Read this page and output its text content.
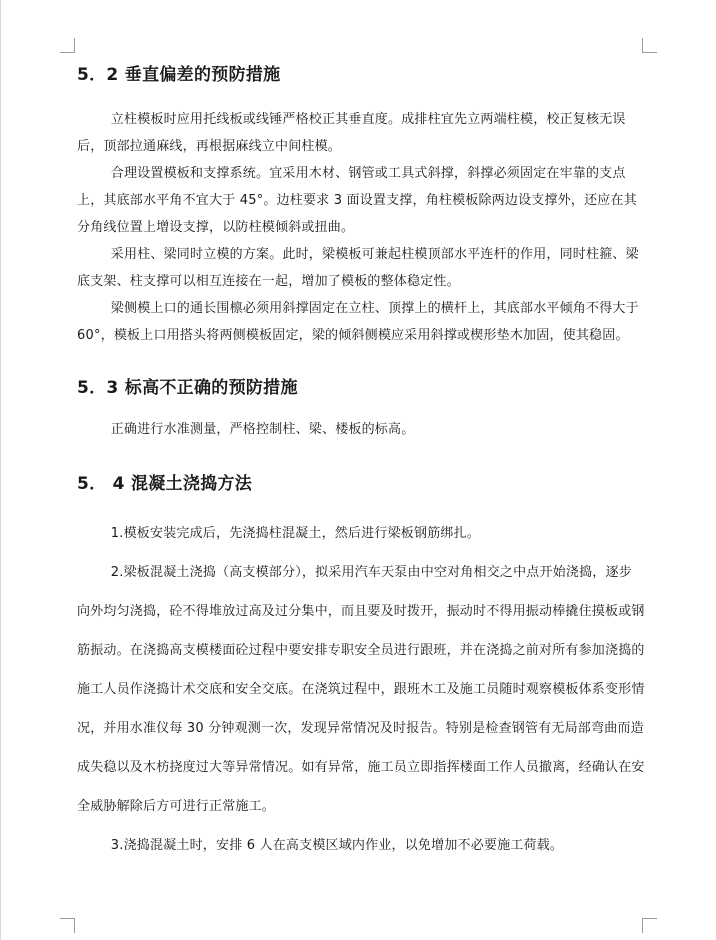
5．2 垂直偏差的预防措施

立柱模板时应用托线板或线锤严格校正其垂直度。成排柱宜先立两端柱模，校正复核无误后，顶部拉通麻线，再根据麻线立中间柱模。

合理设置模板和支撑系统。宜采用木材、钢管或工具式斜撑，斜撑必须固定在牢靠的支点上，其底部水平角不宜大于 45°。边柱要求 3 面设置支撑，角柱模板除两边设支撑外，还应在其分角线位置上增设支撑，以防柱模倾斜或扭曲。

采用柱、梁同时立模的方案。此时，梁模板可兼起柱模顶部水平连杆的作用，同时柱箍、梁底支架、柱支撑可以相互连接在一起，增加了模板的整体稳定性。

梁侧模上口的通长围檩必须用斜撑固定在立柱、顶撑上的横杆上，其底部水平倾角不得大于 60°，模板上口用搭头将两侧模板固定，梁的倾斜侧模应采用斜撑或楔形垫木加固，使其稳固。

5．3 标高不正确的预防措施

正确进行水准测量，严格控制柱、梁、楼板的标高。

5． 4 混凝土浇捣方法

1.模板安装完成后，先浇捣柱混凝土，然后进行梁板钢筋绑扎。

2.梁板混凝土浇捣（高支模部分），拟采用汽车天泵由中空对角相交之中点开始浇捣，逐步向外均匀浇捣，砼不得堆放过高及过分集中，而且要及时拨开，振动时不得用振动棒撬住摸板或钢筋振动。在浇捣高支模楼面砼过程中要安排专职安全员进行跟班，并在浇捣之前对所有参加浇捣的施工人员作浇捣计术交底和安全交底。在浇筑过程中，跟班木工及施工员随时观察模板体系变形情况，并用水准仪每 30 分钟观测一次，发现异常情况及时报告。特别是检查钢管有无局部弯曲而造成失稳以及木枋挠度过大等异常情况。如有异常，施工员立即指挥楼面工作人员撤离，经确认在安全威胁解除后方可进行正常施工。

3.浇捣混凝土时，安排 6 人在高支模区域内作业，以免增加不必要施工荷载。
